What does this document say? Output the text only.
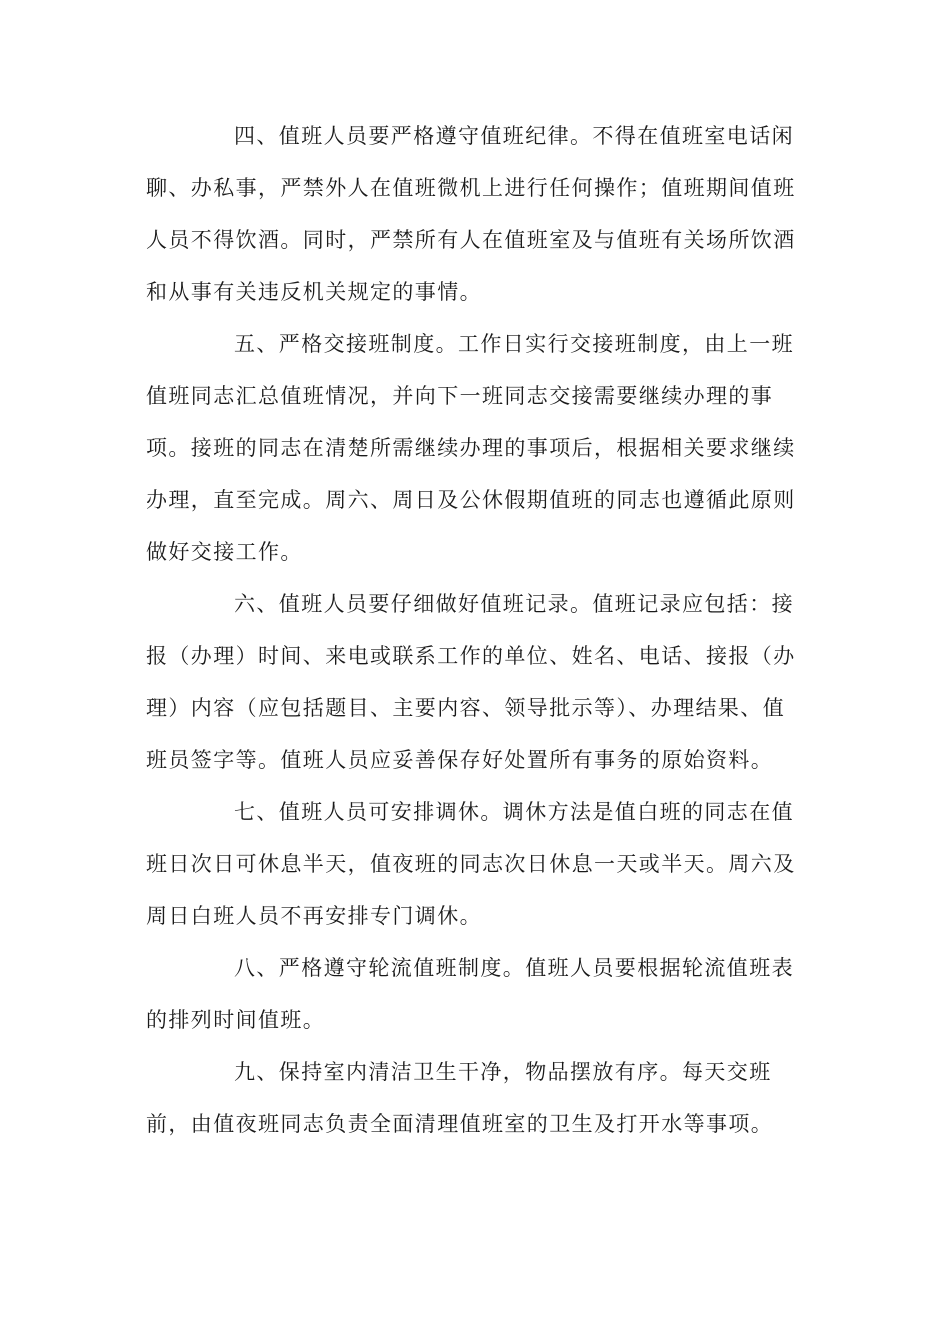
四、值班人员要严格遵守值班纪律。不得在值班室电话闲
聊、办私事，严禁外人在值班微机上进行任何操作；值班期间值班
人员不得饮酒。同时，严禁所有人在值班室及与值班有关场所饮酒
和从事有关违反机关规定的事情。

五、严格交接班制度。工作日实行交接班制度，由上一班
值班同志汇总值班情况，并向下一班同志交接需要继续办理的事
项。接班的同志在清楚所需继续办理的事项后，根据相关要求继续
办理，直至完成。周六、周日及公休假期值班的同志也遵循此原则
做好交接工作。

六、值班人员要仔细做好值班记录。值班记录应包括：接
报（办理）时间、来电或联系工作的单位、姓名、电话、接报（办
理）内容（应包括题目、主要内容、领导批示等）、办理结果、值
班员签字等。值班人员应妥善保存好处置所有事务的原始资料。

七、值班人员可安排调休。调休方法是值白班的同志在值
班日次日可休息半天，值夜班的同志次日休息一天或半天。周六及
周日白班人员不再安排专门调休。

八、严格遵守轮流值班制度。值班人员要根据轮流值班表
的排列时间值班。

九、保持室内清洁卫生干净，物品摆放有序。每天交班
前，由值夜班同志负责全面清理值班室的卫生及打开水等事项。
